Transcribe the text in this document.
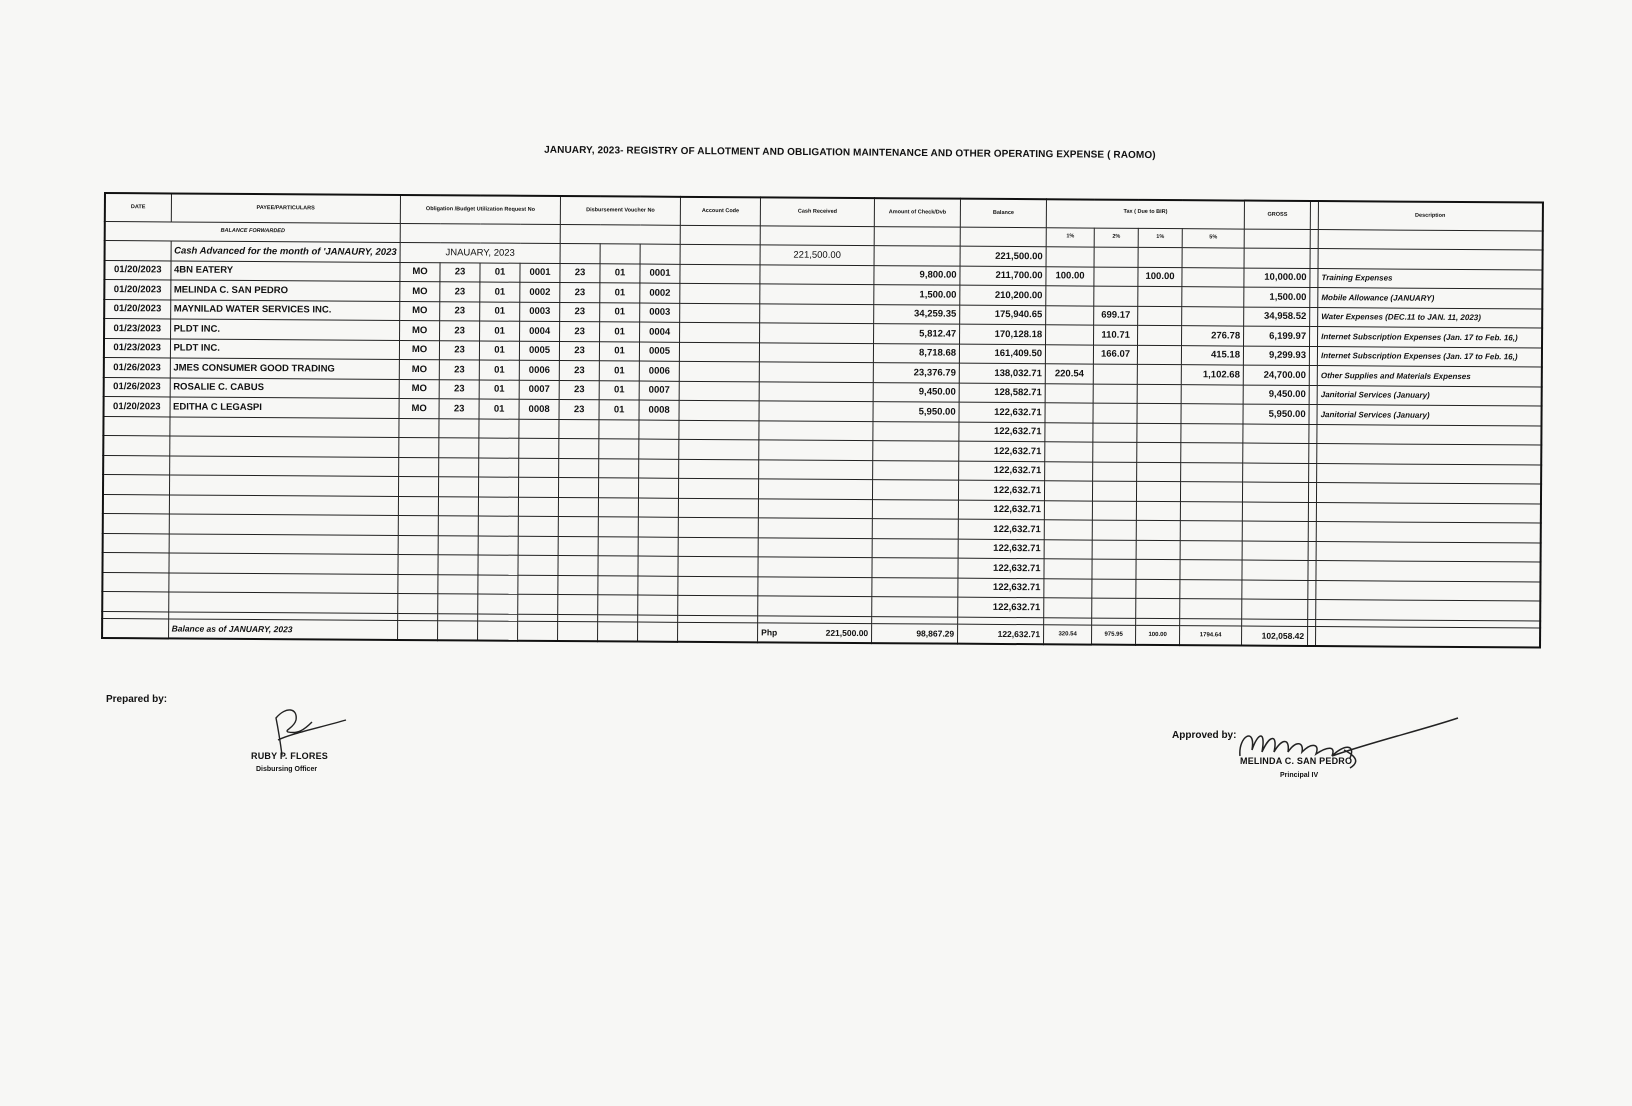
JANUARY, 2023- REGISTRY OF ALLOTMENT AND OBLIGATION MAINTENANCE AND OTHER OPERATING EXPENSE ( RAOMO)
DATE	PAYEE/PARTICULARS	Obligation /Budget Utilization Request No				Disbursement Voucher No			Account Code	Cash Received	Amount of Check/Dvb	Balance	Tax ( Due to BIR)				GROSS		Description
BALANCE FORWARDED													1%	2%	1%	5%			
	Cash Advanced for the month of 'JANAURY, 2023	JNAUARY, 2023								221,500.00		221,500.00							
01/20/2023	4BN EATERY	MO	23	01	0001	23	01	0001			9,800.00	211,700.00	100.00		100.00		10,000.00		Training Expenses
01/20/2023	MELINDA C. SAN PEDRO	MO	23	01	0002	23	01	0002			1,500.00	210,200.00					1,500.00		Mobile Allowance (JANUARY)
01/20/2023	MAYNILAD WATER SERVICES INC.	MO	23	01	0003	23	01	0003			34,259.35	175,940.65		699.17			34,958.52		Water Expenses (DEC.11 to JAN. 11, 2023)
01/23/2023	PLDT INC.	MO	23	01	0004	23	01	0004			5,812.47	170,128.18		110.71		276.78	6,199.97		Internet Subscription Expenses (Jan. 17 to Feb. 16,)
01/23/2023	PLDT INC.	MO	23	01	0005	23	01	0005			8,718.68	161,409.50		166.07		415.18	9,299.93		Internet Subscription Expenses (Jan. 17 to Feb. 16,)
01/26/2023	JMES CONSUMER GOOD TRADING	MO	23	01	0006	23	01	0006			23,376.79	138,032.71	220.54			1,102.68	24,700.00		Other Supplies and Materials Expenses
01/26/2023	ROSALIE C. CABUS	MO	23	01	0007	23	01	0007			9,450.00	128,582.71					9,450.00		Janitorial Services (January)
01/20/2023	EDITHA C LEGASPI	MO	23	01	0008	23	01	0008			5,950.00	122,632.71					5,950.00		Janitorial Services (January)
												122,632.71							
												122,632.71							
												122,632.71							
												122,632.71							
												122,632.71							
												122,632.71							
												122,632.71							
												122,632.71							
												122,632.71							
												122,632.71							

	Balance as of JANUARY, 2023									Php 221,500.00	98,867.29	122,632.71	320.54	975.95	100.00	1794.64	102,058.42		
Prepared by:
RUBY P. FLORES
Disbursing Officer
Approved by:
MELINDA C. SAN PEDRO
Principal IV
